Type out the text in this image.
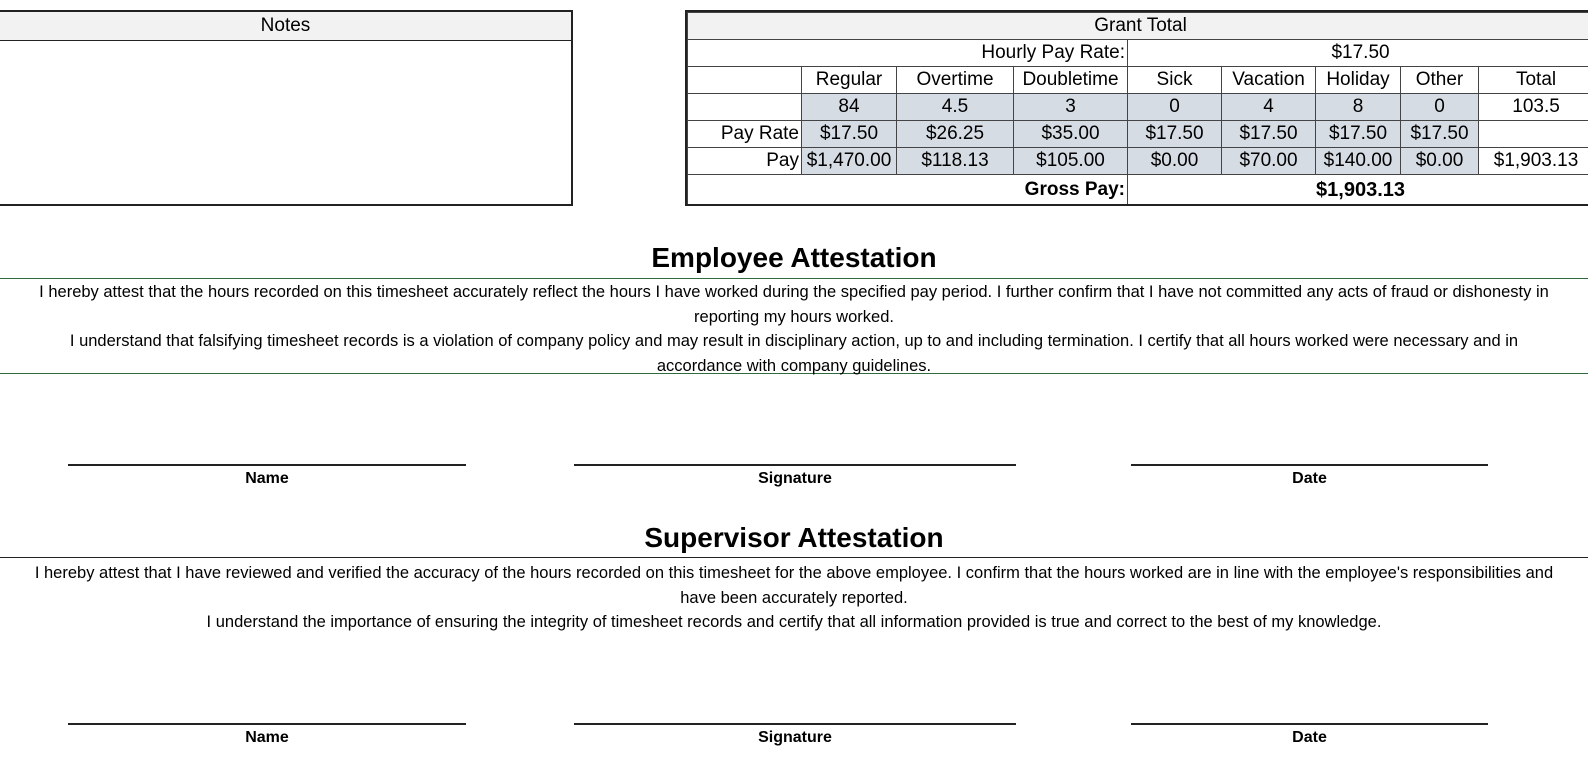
Notes	Grant Total								
Hourly Pay Rate:				$17.50				
	Regular	Overtime	Doubletime	Sick	Vacation	Holiday	Other	Total
	84	4.5	3	0	4	8	0	103.5
Pay Rate	$17.50	$26.25	$35.00	$17.50	$17.50	$17.50	$17.50	
Pay	$1,470.00	$118.13	$105.00	$0.00	$70.00	$140.00	$0.00	$1,903.13
Gross Pay:				$1,903.13				
Employee Attestation
I hereby attest that the hours recorded on this timesheet accurately reflect the hours I have worked during the specified pay period. I further confirm that I have not committed any acts of fraud or dishonesty in
reporting my hours worked.
I understand that falsifying timesheet records is a violation of company policy and may result in disciplinary action, up to and including termination. I certify that all hours worked were necessary and in
accordance with company guidelines.
Name	Signature	Date
Supervisor Attestation
I hereby attest that I have reviewed and verified the accuracy of the hours recorded on this timesheet for the above employee. I confirm that the hours worked are in line with the employee's responsibilities and
have been accurately reported.
I understand the importance of ensuring the integrity of timesheet records and certify that all information provided is true and correct to the best of my knowledge.
Name	Signature	Date
